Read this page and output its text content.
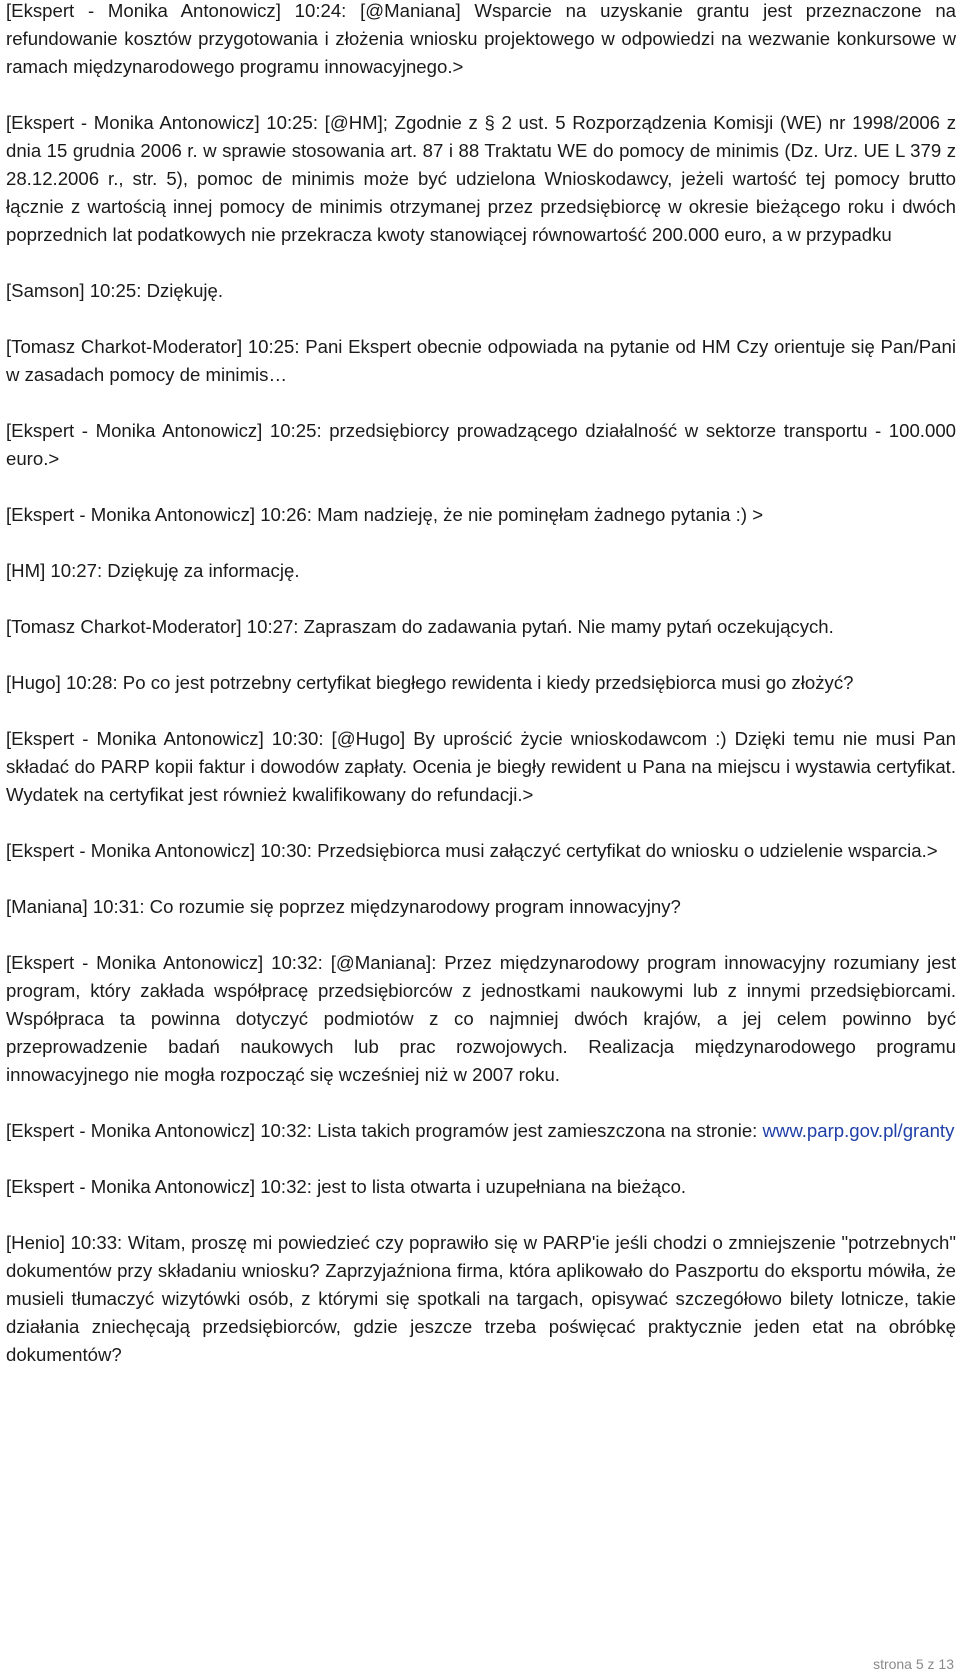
[Ekspert - Monika Antonowicz] 10:24: [@Maniana] Wsparcie na uzyskanie grantu jest przeznaczone na refundowanie kosztów przygotowania i złożenia wniosku projektowego w odpowiedzi na wezwanie konkursowe w ramach międzynarodowego programu innowacyjnego.>

[Ekspert - Monika Antonowicz] 10:25: [@HM]; Zgodnie z § 2 ust. 5 Rozporządzenia Komisji (WE) nr 1998/2006 z dnia 15 grudnia 2006 r. w sprawie stosowania art. 87 i 88 Traktatu WE do pomocy de minimis (Dz. Urz. UE L 379 z 28.12.2006 r., str. 5), pomoc de minimis może być udzielona Wnioskodawcy, jeżeli wartość tej pomocy brutto łącznie z wartością innej pomocy de minimis otrzymanej przez przedsiębiorcę w okresie bieżącego roku i dwóch poprzednich lat podatkowych nie przekracza kwoty stanowiącej równowartość 200.000 euro, a w przypadku

[Samson] 10:25: Dziękuję.

[Tomasz Charkot-Moderator] 10:25: Pani Ekspert obecnie odpowiada na pytanie od HM Czy orientuje się Pan/Pani w zasadach pomocy de minimis…

[Ekspert - Monika Antonowicz] 10:25: przedsiębiorcy prowadzącego działalność w sektorze transportu - 100.000 euro.>

[Ekspert - Monika Antonowicz] 10:26: Mam nadzieję, że nie pominęłam żadnego pytania :) >

[HM] 10:27: Dziękuję za informację.

[Tomasz Charkot-Moderator] 10:27: Zapraszam do zadawania pytań. Nie mamy pytań oczekujących.

[Hugo] 10:28: Po co jest potrzebny certyfikat biegłego rewidenta i kiedy przedsiębiorca musi go złożyć?

[Ekspert - Monika Antonowicz] 10:30: [@Hugo] By uprościć życie wnioskodawcom :) Dzięki temu nie musi Pan składać do PARP kopii faktur i dowodów zapłaty. Ocenia je biegły rewident u Pana na miejscu i wystawia certyfikat. Wydatek na certyfikat jest również kwalifikowany do refundacji.>

[Ekspert - Monika Antonowicz] 10:30: Przedsiębiorca musi załączyć certyfikat do wniosku o udzielenie wsparcia.>

[Maniana] 10:31: Co rozumie się poprzez międzynarodowy program innowacyjny?

[Ekspert - Monika Antonowicz] 10:32: [@Maniana]: Przez międzynarodowy program innowacyjny rozumiany jest program, który zakłada współpracę przedsiębiorców z jednostkami naukowymi lub z innymi przedsiębiorcami. Współpraca ta powinna dotyczyć podmiotów z co najmniej dwóch krajów, a jej celem powinno być przeprowadzenie badań naukowych lub prac rozwojowych. Realizacja międzynarodowego programu innowacyjnego nie mogła rozpocząć się wcześniej niż w 2007 roku.

[Ekspert - Monika Antonowicz] 10:32: Lista takich programów jest zamieszczona na stronie: www.parp.gov.pl/granty

[Ekspert - Monika Antonowicz] 10:32: jest to lista otwarta i uzupełniana na bieżąco.

[Henio] 10:33: Witam, proszę mi powiedzieć czy poprawiło się w PARP'ie jeśli chodzi o zmniejszenie "potrzebnych" dokumentów przy składaniu wniosku? Zaprzyjaźniona firma, która aplikowało do Paszportu do eksportu mówiła, że musieli tłumaczyć wizytówki osób, z którymi się spotkali na targach, opisywać szczegółowo bilety lotnicze, takie działania zniechęcają przedsiębiorców, gdzie jeszcze trzeba poświęcać praktycznie jeden etat na obróbkę dokumentów?

strona 5 z 13
